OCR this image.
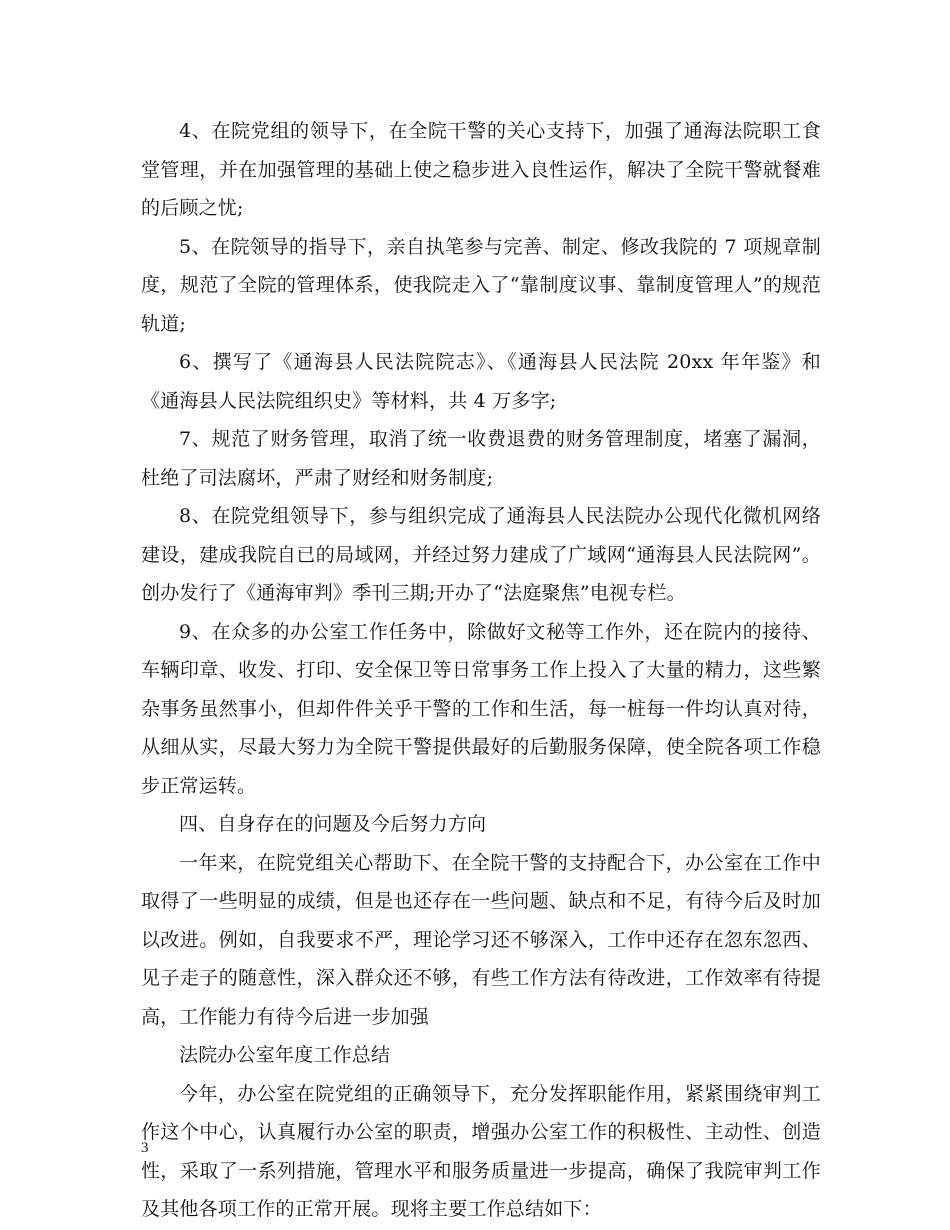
4、在院党组的领导下，在全院干警的关心支持下，加强了通海法院职工食堂管理，并在加强管理的基础上使之稳步进入良性运作，解决了全院干警就餐难的后顾之忧;

5、在院领导的指导下，亲自执笔参与完善、制定、修改我院的 7 项规章制度，规范了全院的管理体系，使我院走入了“靠制度议事、靠制度管理人”的规范轨道;

6、撰写了《通海县人民法院院志》、《通海县人民法院 20xx 年年鉴》和《通海县人民法院组织史》等材料，共 4 万多字;

7、规范了财务管理，取消了统一收费退费的财务管理制度，堵塞了漏洞，杜绝了司法腐坏，严肃了财经和财务制度;

8、在院党组领导下，参与组织完成了通海县人民法院办公现代化微机网络建设，建成我院自已的局域网，并经过努力建成了广域网“通海县人民法院网”。创办发行了《通海审判》季刊三期;开办了“法庭聚焦”电视专栏。

9、在众多的办公室工作任务中，除做好文秘等工作外，还在院内的接待、车辆印章、收发、打印、安全保卫等日常事务工作上投入了大量的精力，这些繁杂事务虽然事小，但却件件关乎干警的工作和生活，每一桩每一件均认真对待，从细从实，尽最大努力为全院干警提供最好的后勤服务保障，使全院各项工作稳步正常运转。

四、自身存在的问题及今后努力方向

一年来，在院党组关心帮助下、在全院干警的支持配合下，办公室在工作中取得了一些明显的成绩，但是也还存在一些问题、缺点和不足，有待今后及时加以改进。例如，自我要求不严，理论学习还不够深入，工作中还存在忽东忽西、见子走子的随意性，深入群众还不够，有些工作方法有待改进，工作效率有待提高，工作能力有待今后进一步加强

法院办公室年度工作总结

今年，办公室在院党组的正确领导下，充分发挥职能作用，紧紧围绕审判工作这个中心，认真履行办公室的职责，增强办公室工作的积极性、主动性、创造性，采取了一系列措施，管理水平和服务质量进一步提高，确保了我院审判工作及其他各项工作的正常开展。现将主要工作总结如下：

3
